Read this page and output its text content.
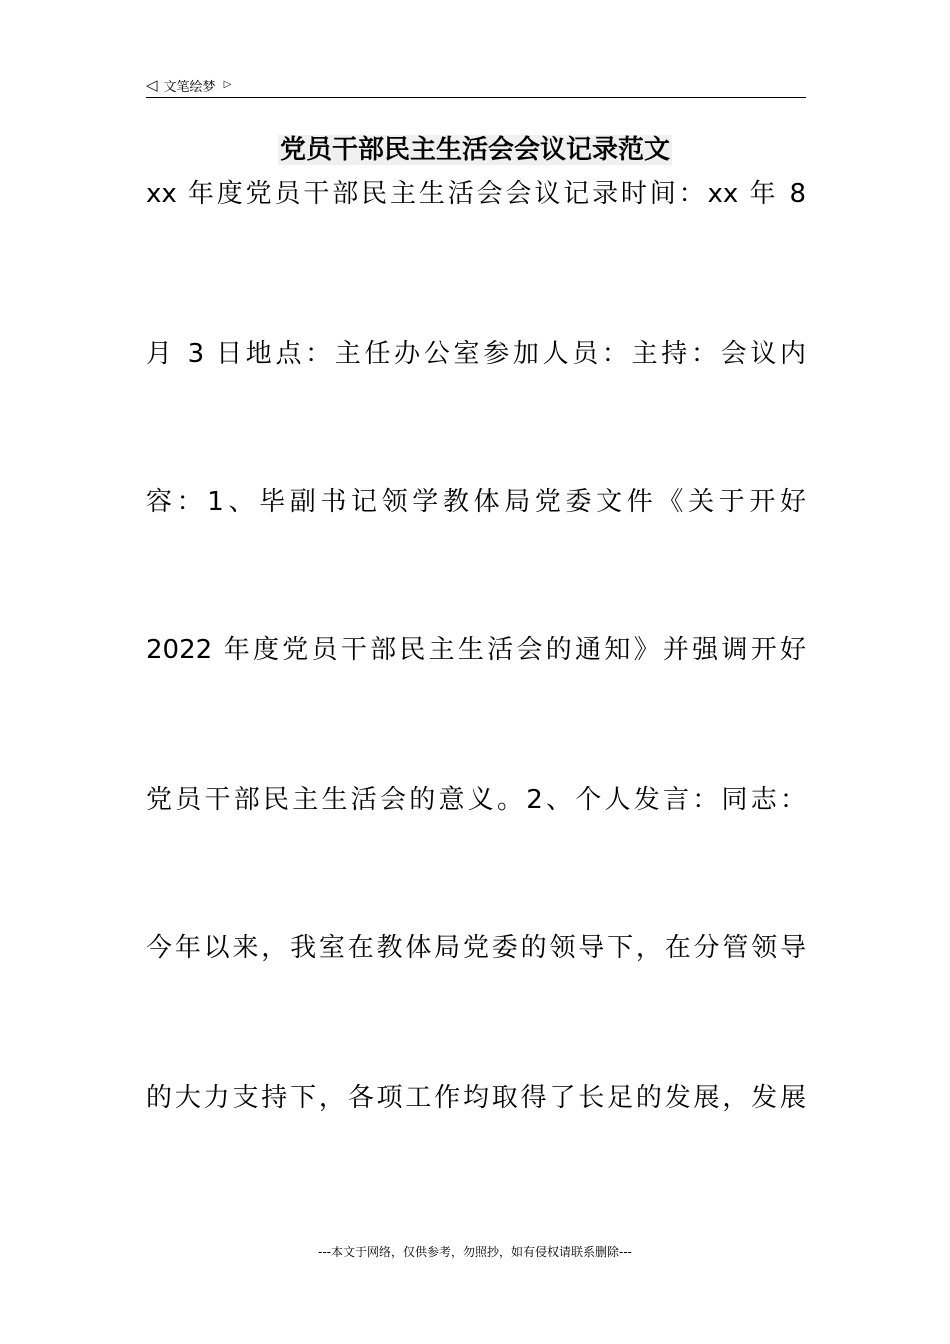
◁ 文笔绘梦 ▷
党员干部民主生活会会议记录范文
xx 年度党员干部民主生活会会议记录时间：xx 年 8
月 3 日地点：主任办公室参加人员：主持：会议内
容：1、毕副书记领学教体局党委文件《关于开好
2022 年度党员干部民主生活会的通知》并强调开好
党员干部民主生活会的意义。2、个人发言：同志：
今年以来，我室在教体局党委的领导下，在分管领导
的大力支持下，各项工作均取得了长足的发展，发展
---本文于网络，仅供参考，勿照抄，如有侵权请联系删除---
